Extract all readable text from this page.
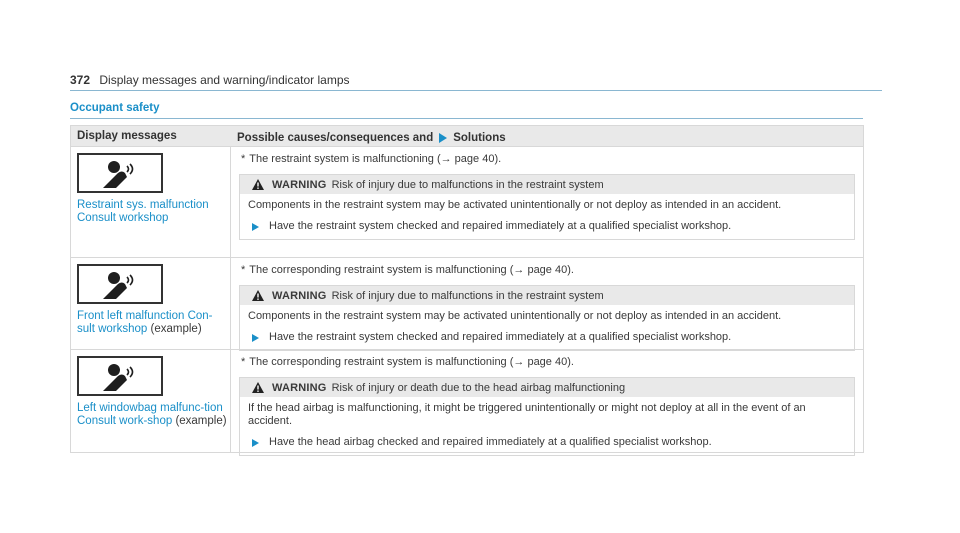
372 Display messages and warning/indicator lamps
Occupant safety
Display messages	Possible causes/consequences and Solutions
Restraint sys. malfunction Consult workshop
* The restraint system is malfunctioning (→ page 40).
WARNING Risk of injury due to malfunctions in the restraint system
Components in the restraint system may be activated unintentionally or not deploy as intended in an accident.
Have the restraint system checked and repaired immediately at a qualified specialist workshop.
Front left malfunction Con-sult workshop (example)
* The corresponding restraint system is malfunctioning (→ page 40).
WARNING Risk of injury due to malfunctions in the restraint system
Components in the restraint system may be activated unintentionally or not deploy as intended in an accident.
Have the restraint system checked and repaired immediately at a qualified specialist workshop.
Left windowbag malfunc-tion Consult work-shop (example)
* The corresponding restraint system is malfunctioning (→ page 40).
WARNING Risk of injury or death due to the head airbag malfunctioning
If the head airbag is malfunctioning, it might be triggered unintentionally or might not deploy at all in the event of an accident.
Have the head airbag checked and repaired immediately at a qualified specialist workshop.
